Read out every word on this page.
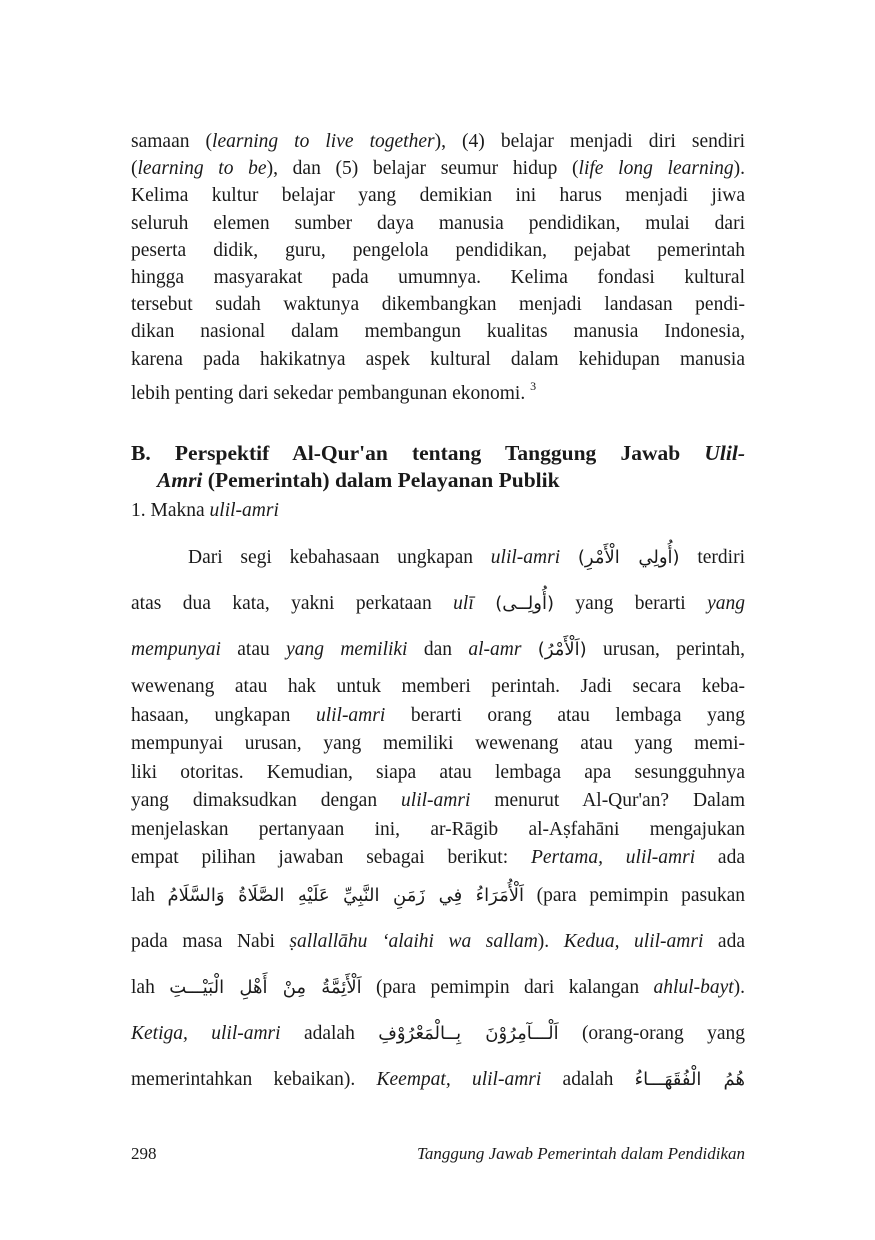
samaan (learning to live together), (4) belajar menjadi diri sendiri
(learning to be), dan (5) belajar seumur hidup (life long learning).
Kelima kultur belajar yang demikian ini harus menjadi jiwa
seluruh elemen sumber daya manusia pendidikan, mulai dari
peserta didik, guru, pengelola pendidikan, pejabat pemerintah
hingga masyarakat pada umumnya. Kelima fondasi kultural
tersebut sudah waktunya dikembangkan menjadi landasan pendi-
dikan nasional dalam membangun kualitas manusia Indonesia,
karena pada hakikatnya aspek kultural dalam kehidupan manusia
lebih penting dari sekedar pembangunan ekonomi. $^3$
B. Perspektif Al-Qur'an tentang Tanggung Jawab Ulil-
Amri (Pemerintah) dalam Pelayanan Publik
1. Makna ulil-amri
Dari segi kebahasaan ungkapan ulil-amri (أُولِي الْأَمْرِ) terdiri
atas dua kata, yakni perkataan ulī (أُولِــى) yang berarti yang
mempunyai atau yang memiliki dan al-amr (اَلْأَمْرُ) urusan, perintah,
wewenang atau hak untuk memberi perintah. Jadi secara keba-
hasaan, ungkapan ulil-amri berarti orang atau lembaga yang
mempunyai urusan, yang memiliki wewenang atau yang memi-
liki otoritas. Kemudian, siapa atau lembaga apa sesungguhnya
yang dimaksudkan dengan ulil-amri menurut Al-Qur'an? Dalam
menjelaskan pertanyaan ini, ar-Rāgib al-Aṣfahāni mengajukan
empat pilihan jawaban sebagai berikut: Pertama, ulil-amri ada
lah اَلْأُمَرَاءُ فِي زَمَنِ النَّبِيِّ عَلَيْهِ الصَّلَاةُ وَالسَّلَامُ (para pemimpin pasukan
pada masa Nabi ṣallallāhu ʻalaihi wa sallam). Kedua, ulil-amri ada
lah اَلْأَئِمَّةُ مِنْ أَهْلِ الْبَيْـــتِ (para pemimpin dari kalangan ahlul-bayt).
Ketiga, ulil-amri adalah اَلْـــآمِرُوْنَ بِــالْمَعْرُوْفِ (orang-orang yang
memerintahkan kebaikan). Keempat, ulil-amri adalah هُمُ الْفُقَهَـــاءُ
298	Tanggung Jawab Pemerintah dalam Pendidikan
